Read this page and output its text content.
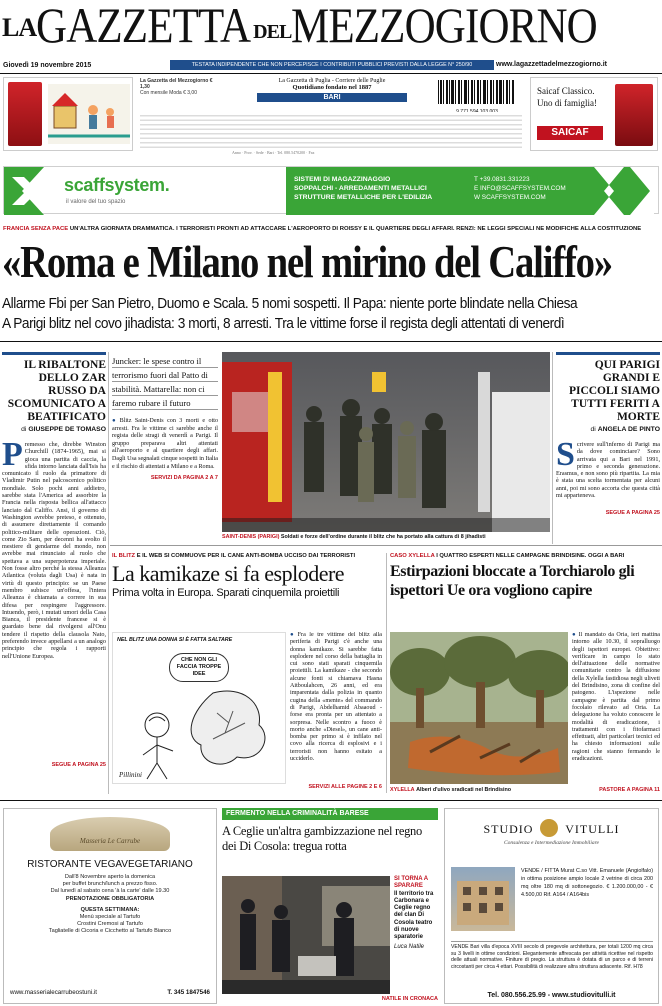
LAGAZZETTA DELMEZZOGIORNO
Giovedì 19 novembre 2015	TESTATA INDIPENDENTE CHE NON PERCEPISCE I CONTRIBUTI PUBBLICI PREVISTI DALLA LEGGE N° 250/90	www.lagazzettadelmezzogiorno.it
La Gazzetta del Mezzogiorno € 1,30
Con mensile Moda € 3,00
La Gazzetta di Puglia - Corriere delle Puglie
Quotidiano fondato nel 1887
BARI
Anno · Prov. · Sede · Bari · Tel. 080.5470200 · Fax
Saicaf Classico.
Uno di famiglia!
SAICAF
scaffsystem.
il valore del tuo spazio
SISTEMI DI MAGAZZINAGGIO
SOPPALCHI - ARREDAMENTI METALLICI
STRUTTURE METALLICHE PER L'EDILIZIA
T +39.0831.331223
E INFO@SCAFFSYSTEM.COM
W SCAFFSYSTEM.COM
FRANCIA SENZA PACE UN'ALTRA GIORNATA DRAMMATICA. I TERRORISTI PRONTI AD ATTACCARE L'AEROPORTO DI ROISSY E IL QUARTIERE DEGLI AFFARI. RENZI: NÉ LEGGI SPECIALI NÉ MODIFICHE ALLA COSTITUZIONE
«Roma e Milano nel mirino del Califfo»
Allarme Fbi per San Pietro, Duomo e Scala. 5 nomi sospetti. Il Papa: niente porte blindate nella Chiesa
A Parigi blitz nel covo jihadista: 3 morti, 8 arresti. Tra le vittime forse il regista degli attentati di venerdì
IL RIBALTONE DELLO ZAR RUSSO DA SCOMUNICATO A BEATIFICATO
di GIUSEPPE DE TOMASO
P remesso che, direbbe Winston Churchill (1874-1965), mai si gioca una partita di caccia, la sfida intorno lanciata dall'Isis ha comunicato il ruolo da primattore di Vladimir Putin nel palcoscenico politico mondiale. Solo pochi anni addietro, sarebbe stata l'America ad assorbire la Francia nella risposta bellica all'attacco lanciato dal Califfo. Ansi, il governo di Washington avrebbe preteso, e ottenuto, di assumere direttamente il comando politico-militare delle operazioni. Ciò, come Zio Sam, per decenni ha svolto il mestiere di gendarme del mondo, non avrebbe mai rinunciato al ruolo che spettava a una superpotenza imperiale. Non fosse altro perché la stessa Alleanza Atlantica (voluta dagli Usa) è nata in virtù di questo principio: se un Paese membro subisce un'offesa, l'intera Alleanza è chiamata a correre in sua difesa per respingere l'aggressore. Intuendo, però, i mutati umori della Casa Bianca, il presidente francese si è guardato bene dal rivolgersi all'Onu tendere il rispetto della clausola Nato, preferendo invece appellarsi a un analogo principio che regola i rapporti nell'Unione Europea.
SEGUE A PAGINA 25
Juncker: le spese contro il terrorismo fuori dal Patto di stabilità. Mattarella: non ci faremo rubare il futuro
● Blitz Saint-Denis con 3 morti e otto arresti. Fra le vittime ci sarebbe anche il regista delle stragi di venerdì a Parigi. Il gruppo preparava altri attentati all'aeroporto e al quartiere degli affari. Dagli Usa segnalati cinque sospetti in Italia e il rischio di attentati a Milano e a Roma.
SERVIZI DA PAGINA 2 A 7
SAINT-DENIS (PARIGI) Soldati e forze dell'ordine durante il blitz che ha portato alla cattura di 8 jihadisti
QUI PARIGI GRANDI E PICCOLI SIAMO TUTTI FERITI A MORTE
di ANGELA DE PINTO
S crivere sull'inferno di Parigi ma da dove cominciare? Sono arrivata qui a Bari nel 1991, primo e seconda generazione. Erasmus, e non sono più ripartita. La mia è stata una scelta tormentata per alcuni anni, poi mi sono accorta che questa città mi apparteneva.
SEGUE A PAGINA 25
IL BLITZ E IL WEB SI COMMUOVE PER IL CANE ANTI-BOMBA UCCISO DAI TERRORISTI
La kamikaze si fa esplodere
Prima volta in Europa. Sparati cinquemila proiettili
NEL BLITZ UNA DONNA SI È FATTA SALTARE
CHE NON GLI FACCIA TROPPE IDEE
Pillinini
● Fra le tre vittime del blitz alla periferia di Parigi c'è anche una donna kamikaze. Si sarebbe fatta esplodere nel corso della battaglia in cui sono stati sparati cinquemila proiettili. La kamikaze - che secondo alcune fonti si chiamava Hasna Aitboulahcen, 26 anni, ed era imparentata dalla polizia in quanto cugina della «mente» del commando di Parigi, Abdelhamid Abaaoud - forse era pronta per un attentato a sorpresa. Nelle scontro a fuoco è morto anche «Diesel», un cane anti-bomba per primo si è infilato nel covo alla ricerca di esplosivi e i terroristi non hanno esitato a ucciderlo.
SERVIZI ALLE PAGINE 2 E 6
CASO XYLELLA I QUATTRO ESPERTI NELLE CAMPAGNE BRINDISINE. OGGI A BARI
Estirpazioni bloccate a Torchiarolo gli ispettori Ue ora vogliono capire
● Il mandato da Oria, ieri mattina intorno alle 10.30, il sopralluogo degli ispettori europei. Obiettivo: verificare in campo lo stato dell'attuazione delle normative comunitarie contro la diffusione della Xylella fastidiosa negli uliveti del Brindisino, zona di confine del patogeno. L'ispezione nelle campagne è partita dal primo focolaio rilevato ad Oria. La delegazione ha voluto conoscere le modalità di eradicazione, i trattamenti con i fitofarmaci effettuati, altri particolari tecnici ed ha chiesto informazioni sulle ragioni che stanno fermando le eradicazioni.
XYLELLA Alberi d'ulivo sradicati nel Brindisino	PASTORE A PAGINA 11
Masseria Le Carrube
RISTORANTE VEGAVEGETARIANO
Dall'8 Novembre aperto la domenica
per buffet brunch/lunch a prezzo fisso.
Dal lunedì al sabato cena 'à la carte' dalle 19.30
PRENOTAZIONE OBBLIGATORIA
QUESTA SETTIMANA:
Menù speciale al Tartufo
Crostini Cremosi al Tartufo
Tagliatelle di Cicoria e Cicchetto al Tartufo Bianco
www.masserialecarrubeostuni.it	T. 345 1847546
FERMENTO NELLA CRIMINALITÀ BARESE
A Ceglie un'altra gambizzazione nel regno dei Di Cosola: tregua rotta
SI TORNA A SPARARE
Il territorio tra Carbonara e Ceglie regno del clan Di Cosola teatro di nuove sparatorie
Luca Natile
NATILE IN CRONACA
STUDIO	VITULLI
Consulenza e Intermediazione Immobiliare
VENDE / FITTA Murat C.so Vitt. Emanuele (Angiolfalo) in ottima posizione ampio locale 2 vetrine di circa 200 mq oltre 180 mq di sottonegozio. € 1.200.000,00 - € 4.500,00 Rif. A164 / A164bis
VENDE Bari villa d'epoca XVIII secolo di pregevole architettura, per totali 1200 mq circa su 3 livelli in ottime condizioni. Elegantemente affrescata per attività ricettive nel rispetto delle attuali normative. Finiture di pregio. La struttura è dotata di un parco e di terreni circostanti per circa 4 ettari. Possibilità di realizzare altra struttura adiacente. Rif. H78
Tel. 080.556.25.99 - www.studiovitulli.it
